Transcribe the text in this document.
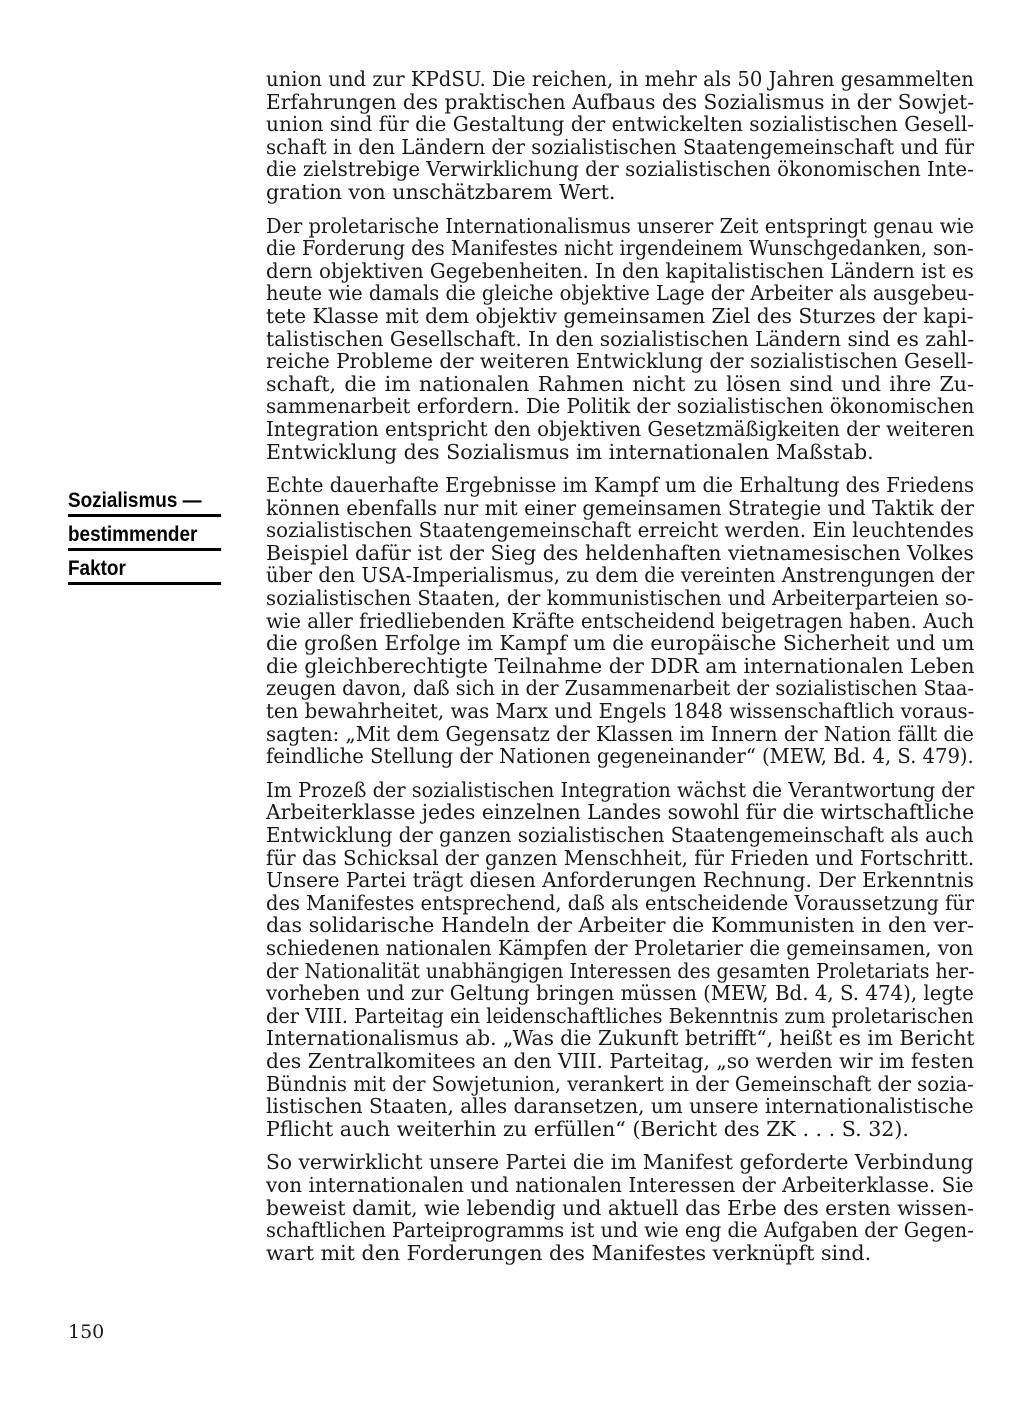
union und zur KPdSU. Die reichen, in mehr als 50 Jahren gesammelten
Erfahrungen des praktischen Aufbaus des Sozialismus in der Sowjet-
union sind für die Gestaltung der entwickelten sozialistischen Gesell-
schaft in den Ländern der sozialistischen Staatengemeinschaft und für
die zielstrebige Verwirklichung der sozialistischen ökonomischen Inte-
gration von unschätzbarem Wert.

Der proletarische Internationalismus unserer Zeit entspringt genau wie
die Forderung des Manifestes nicht irgendeinem Wunschgedanken, son-
dern objektiven Gegebenheiten. In den kapitalistischen Ländern ist es
heute wie damals die gleiche objektive Lage der Arbeiter als ausgebeu-
tete Klasse mit dem objektiv gemeinsamen Ziel des Sturzes der kapi-
talistischen Gesellschaft. In den sozialistischen Ländern sind es zahl-
reiche Probleme der weiteren Entwicklung der sozialistischen Gesell-
schaft, die im nationalen Rahmen nicht zu lösen sind und ihre Zu-
sammenarbeit erfordern. Die Politik der sozialistischen ökonomischen
Integration entspricht den objektiven Gesetzmäßigkeiten der weiteren
Entwicklung des Sozialismus im internationalen Maßstab.

Echte dauerhafte Ergebnisse im Kampf um die Erhaltung des Friedens
können ebenfalls nur mit einer gemeinsamen Strategie und Taktik der
sozialistischen Staatengemeinschaft erreicht werden. Ein leuchtendes
Beispiel dafür ist der Sieg des heldenhaften vietnamesischen Volkes
über den USA-Imperialismus, zu dem die vereinten Anstrengungen der
sozialistischen Staaten, der kommunistischen und Arbeiterparteien so-
wie aller friedliebenden Kräfte entscheidend beigetragen haben. Auch
die großen Erfolge im Kampf um die europäische Sicherheit und um
die gleichberechtigte Teilnahme der DDR am internationalen Leben
zeugen davon, daß sich in der Zusammenarbeit der sozialistischen Staa-
ten bewahrheitet, was Marx und Engels 1848 wissenschaftlich voraus-
sagten: „Mit dem Gegensatz der Klassen im Innern der Nation fällt die
feindliche Stellung der Nationen gegeneinander“ (MEW, Bd. 4, S. 479).

Im Prozeß der sozialistischen Integration wächst die Verantwortung der
Arbeiterklasse jedes einzelnen Landes sowohl für die wirtschaftliche
Entwicklung der ganzen sozialistischen Staatengemeinschaft als auch
für das Schicksal der ganzen Menschheit, für Frieden und Fortschritt.
Unsere Partei trägt diesen Anforderungen Rechnung. Der Erkenntnis
des Manifestes entsprechend, daß als entscheidende Voraussetzung für
das solidarische Handeln der Arbeiter die Kommunisten in den ver-
schiedenen nationalen Kämpfen der Proletarier die gemeinsamen, von
der Nationalität unabhängigen Interessen des gesamten Proletariats her-
vorheben und zur Geltung bringen müssen (MEW, Bd. 4, S. 474), legte
der VIII. Parteitag ein leidenschaftliches Bekenntnis zum proletarischen
Internationalismus ab. „Was die Zukunft betrifft“, heißt es im Bericht
des Zentralkomitees an den VIII. Parteitag, „so werden wir im festen
Bündnis mit der Sowjetunion, verankert in der Gemeinschaft der sozia-
listischen Staaten, alles daransetzen, um unsere internationalistische
Pflicht auch weiterhin zu erfüllen“ (Bericht des ZK . . . S. 32).

So verwirklicht unsere Partei die im Manifest geforderte Verbindung
von internationalen und nationalen Interessen der Arbeiterklasse. Sie
beweist damit, wie lebendig und aktuell das Erbe des ersten wissen-
schaftlichen Parteiprogramms ist und wie eng die Aufgaben der Gegen-
wart mit den Forderungen des Manifestes verknüpft sind.

Sozialismus —
bestimmender
Faktor
150
